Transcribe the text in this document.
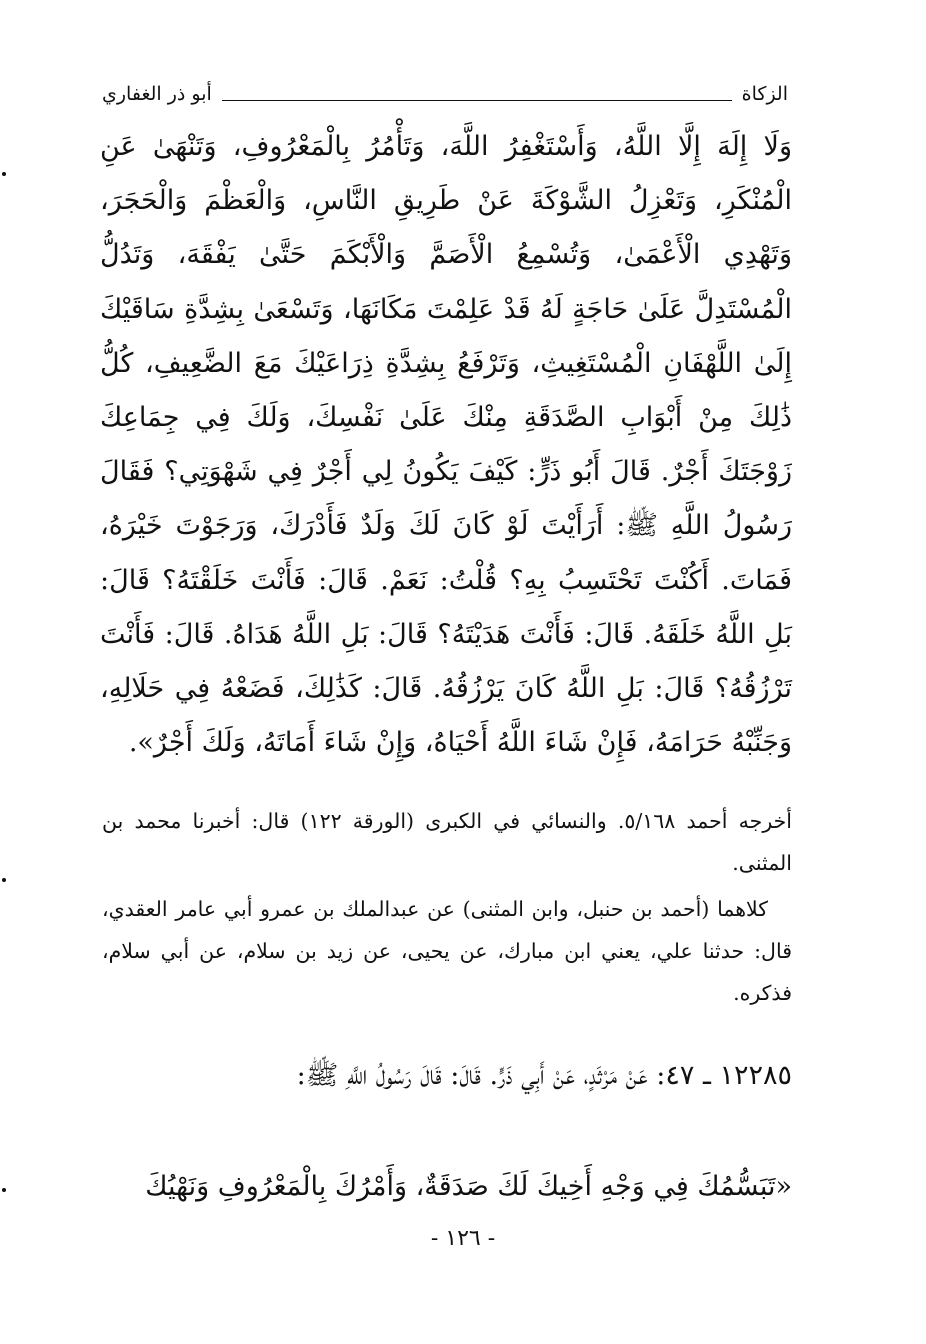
الزكاة
أبو ذر الغفاري
وَلَا إِلَهَ إِلَّا اللَّهُ، وَأَسْتَغْفِرُ اللَّهَ، وَتَأْمُرُ بِالْمَعْرُوفِ، وَتَنْهَىٰ عَنِ الْمُنْكَرِ، وَتَعْزِلُ الشَّوْكَةَ عَنْ طَرِيقِ النَّاسِ، وَالْعَظْمَ وَالْحَجَرَ، وَتَهْدِي الْأَعْمَىٰ، وَتُسْمِعُ الْأَصَمَّ وَالْأَبْكَمَ حَتَّىٰ يَفْقَهَ، وَتَدُلُّ الْمُسْتَدِلَّ عَلَىٰ حَاجَةٍ لَهُ قَدْ عَلِمْتَ مَكَانَهَا، وَتَسْعَىٰ بِشِدَّةِ سَاقَيْكَ إِلَىٰ اللَّهْفَانِ الْمُسْتَغِيثِ، وَتَرْفَعُ بِشِدَّةِ ذِرَاعَيْكَ مَعَ الضَّعِيفِ، كُلُّ ذَٰلِكَ مِنْ أَبْوَابِ الصَّدَقَةِ مِنْكَ عَلَىٰ نَفْسِكَ، وَلَكَ فِي جِمَاعِكَ زَوْجَتَكَ أَجْرٌ. قَالَ أَبُو ذَرٍّ: كَيْفَ يَكُونُ لِي أَجْرٌ فِي شَهْوَتِي؟ فَقَالَ رَسُولُ اللَّهِ ﷺ: أَرَأَيْتَ لَوْ كَانَ لَكَ وَلَدٌ فَأَدْرَكَ، وَرَجَوْتَ خَيْرَهُ، فَمَاتَ. أَكُنْتَ تَحْتَسِبُ بِهِ؟ قُلْتُ: نَعَمْ. قَالَ: فَأَنْتَ خَلَقْتَهُ؟ قَالَ: بَلِ اللَّهُ خَلَقَهُ. قَالَ: فَأَنْتَ هَدَيْتَهُ؟ قَالَ: بَلِ اللَّهُ هَدَاهُ. قَالَ: فَأَنْتَ تَرْزُقُهُ؟ قَالَ: بَلِ اللَّهُ كَانَ يَرْزُقُهُ. قَالَ: كَذَٰلِكَ، فَضَعْهُ فِي حَلَالِهِ، وَجَنِّبْهُ حَرَامَهُ، فَإِنْ شَاءَ اللَّهُ أَحْيَاهُ، وَإِنْ شَاءَ أَمَاتَهُ، وَلَكَ أَجْرٌ».

أخرجه أحمد ٥/١٦٨. والنسائي في الكبرى (الورقة ١٢٢) قال: أخبرنا محمد بن المثنى.

كلاهما (أحمد بن حنبل، وابن المثنى) عن عبدالملك بن عمرو أبي عامر العقدي، قال: حدثنا علي، يعني ابن مبارك، عن يحيى، عن زيد بن سلام، عن أبي سلام، فذكره.

١٢٢٨٥ ـ ٤٧: عَنْ مَرْثَدٍ، عَنْ أَبِي ذَرٍّ. قَالَ: قَالَ رَسُولُ اللَّهِ ﷺ:
«تَبَسُّمُكَ فِي وَجْهِ أَخِيكَ لَكَ صَدَقَةٌ، وَأَمْرُكَ بِالْمَعْرُوفِ وَنَهْيُكَ
- ١٢٦ -
